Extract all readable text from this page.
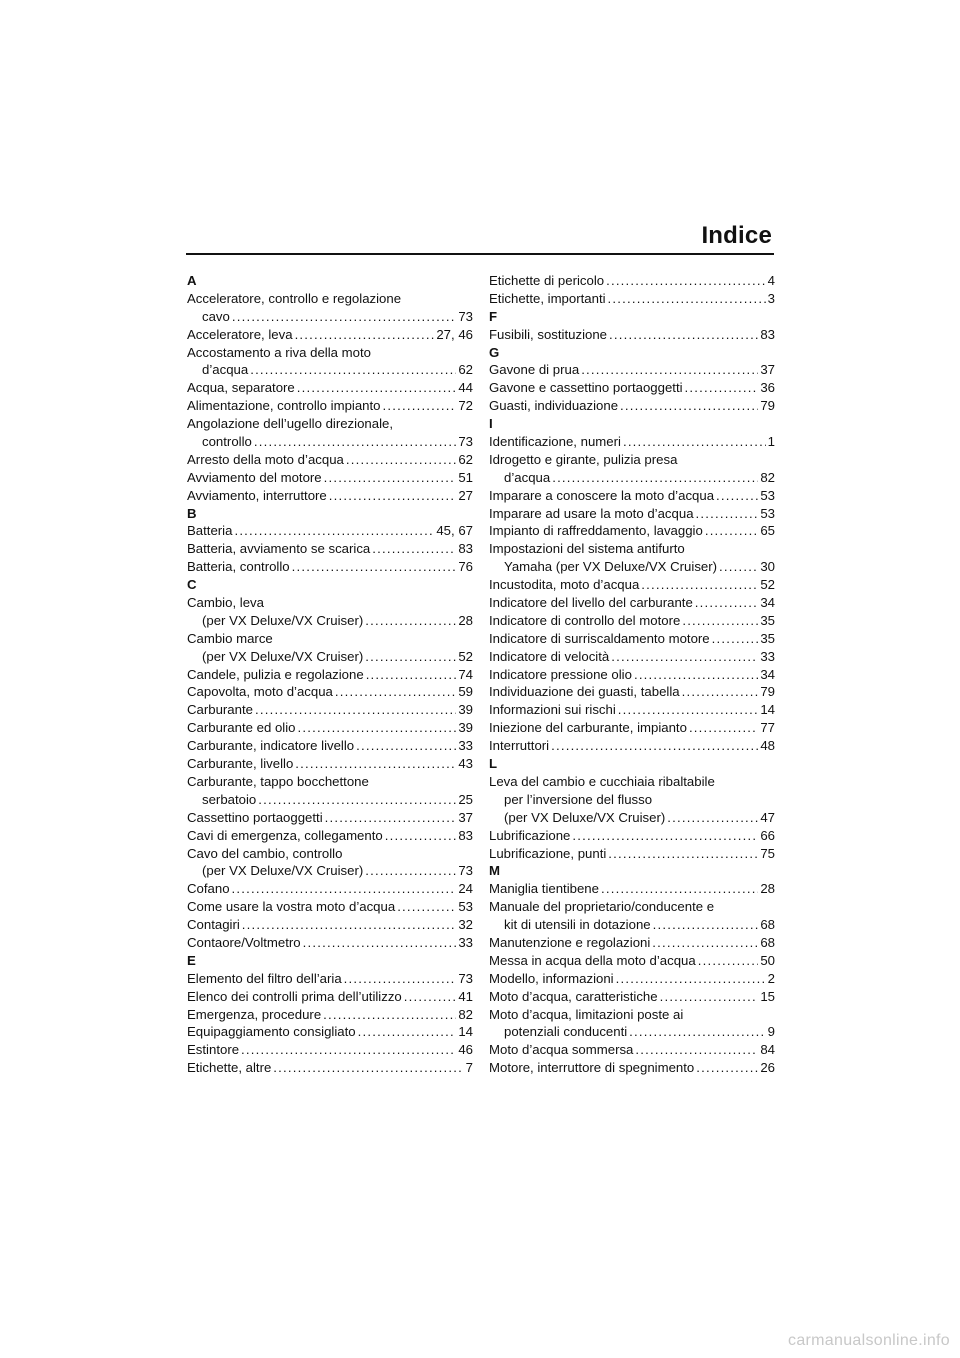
Indice
A
Acceleratore, controllo e regolazione
cavo .....	73
Acceleratore, leva .....	27, 46
Accostamento a riva della moto
d’acqua .....	62
Acqua, separatore .....	44
Alimentazione, controllo impianto .....	72
Angolazione dell’ugello direzionale,
controllo .....	73
Arresto della moto d’acqua .....	62
Avviamento del motore .....	51
Avviamento, interruttore .....	27
B
Batteria .....	45, 67
Batteria, avviamento se scarica .....	83
Batteria, controllo .....	76
C
Cambio, leva
(per VX Deluxe/VX Cruiser) .....	28
Cambio marce
(per VX Deluxe/VX Cruiser) .....	52
Candele, pulizia e regolazione .....	74
Capovolta, moto d’acqua .....	59
Carburante .....	39
Carburante ed olio .....	39
Carburante, indicatore livello .....	33
Carburante, livello .....	43
Carburante, tappo bocchettone
serbatoio .....	25
Cassettino portaoggetti .....	37
Cavi di emergenza, collegamento .....	83
Cavo del cambio, controllo
(per VX Deluxe/VX Cruiser) .....	73
Cofano .....	24
Come usare la vostra moto d’acqua .....	53
Contagiri .....	32
Contaore/Voltmetro .....	33
E
Elemento del filtro dell’aria .....	73
Elenco dei controlli prima dell’utilizzo .....	41
Emergenza, procedure .....	82
Equipaggiamento consigliato .....	14
Estintore .....	46
Etichette, altre .....	7
Etichette di pericolo .....	4
Etichette, importanti .....	3
F
Fusibili, sostituzione .....	83
G
Gavone di prua .....	37
Gavone e cassettino portaoggetti .....	36
Guasti, individuazione .....	79
I
Identificazione, numeri .....	1
Idrogetto e girante, pulizia presa
d’acqua .....	82
Imparare a conoscere la moto d’acqua .....	53
Imparare ad usare la moto d’acqua .....	53
Impianto di raffreddamento, lavaggio .....	65
Impostazioni del sistema antifurto
Yamaha (per VX Deluxe/VX Cruiser) .....	30
Incustodita, moto d’acqua .....	52
Indicatore del livello del carburante .....	34
Indicatore di controllo del motore .....	35
Indicatore di surriscaldamento motore .....	35
Indicatore di velocità .....	33
Indicatore pressione olio .....	34
Individuazione dei guasti, tabella .....	79
Informazioni sui rischi .....	14
Iniezione del carburante, impianto .....	77
Interruttori .....	48
L
Leva del cambio e cucchiaia ribaltabile
per l’inversione del flusso
(per VX Deluxe/VX Cruiser) .....	47
Lubrificazione .....	66
Lubrificazione, punti .....	75
M
Maniglia tientibene .....	28
Manuale del proprietario/conducente e
kit di utensili in dotazione .....	68
Manutenzione e regolazioni .....	68
Messa in acqua della moto d’acqua .....	50
Modello, informazioni .....	2
Moto d’acqua, caratteristiche .....	15
Moto d’acqua, limitazioni poste ai
potenziali conducenti .....	9
Moto d’acqua sommersa .....	84
Motore, interruttore di spegnimento .....	26
carmanualsonline.info
